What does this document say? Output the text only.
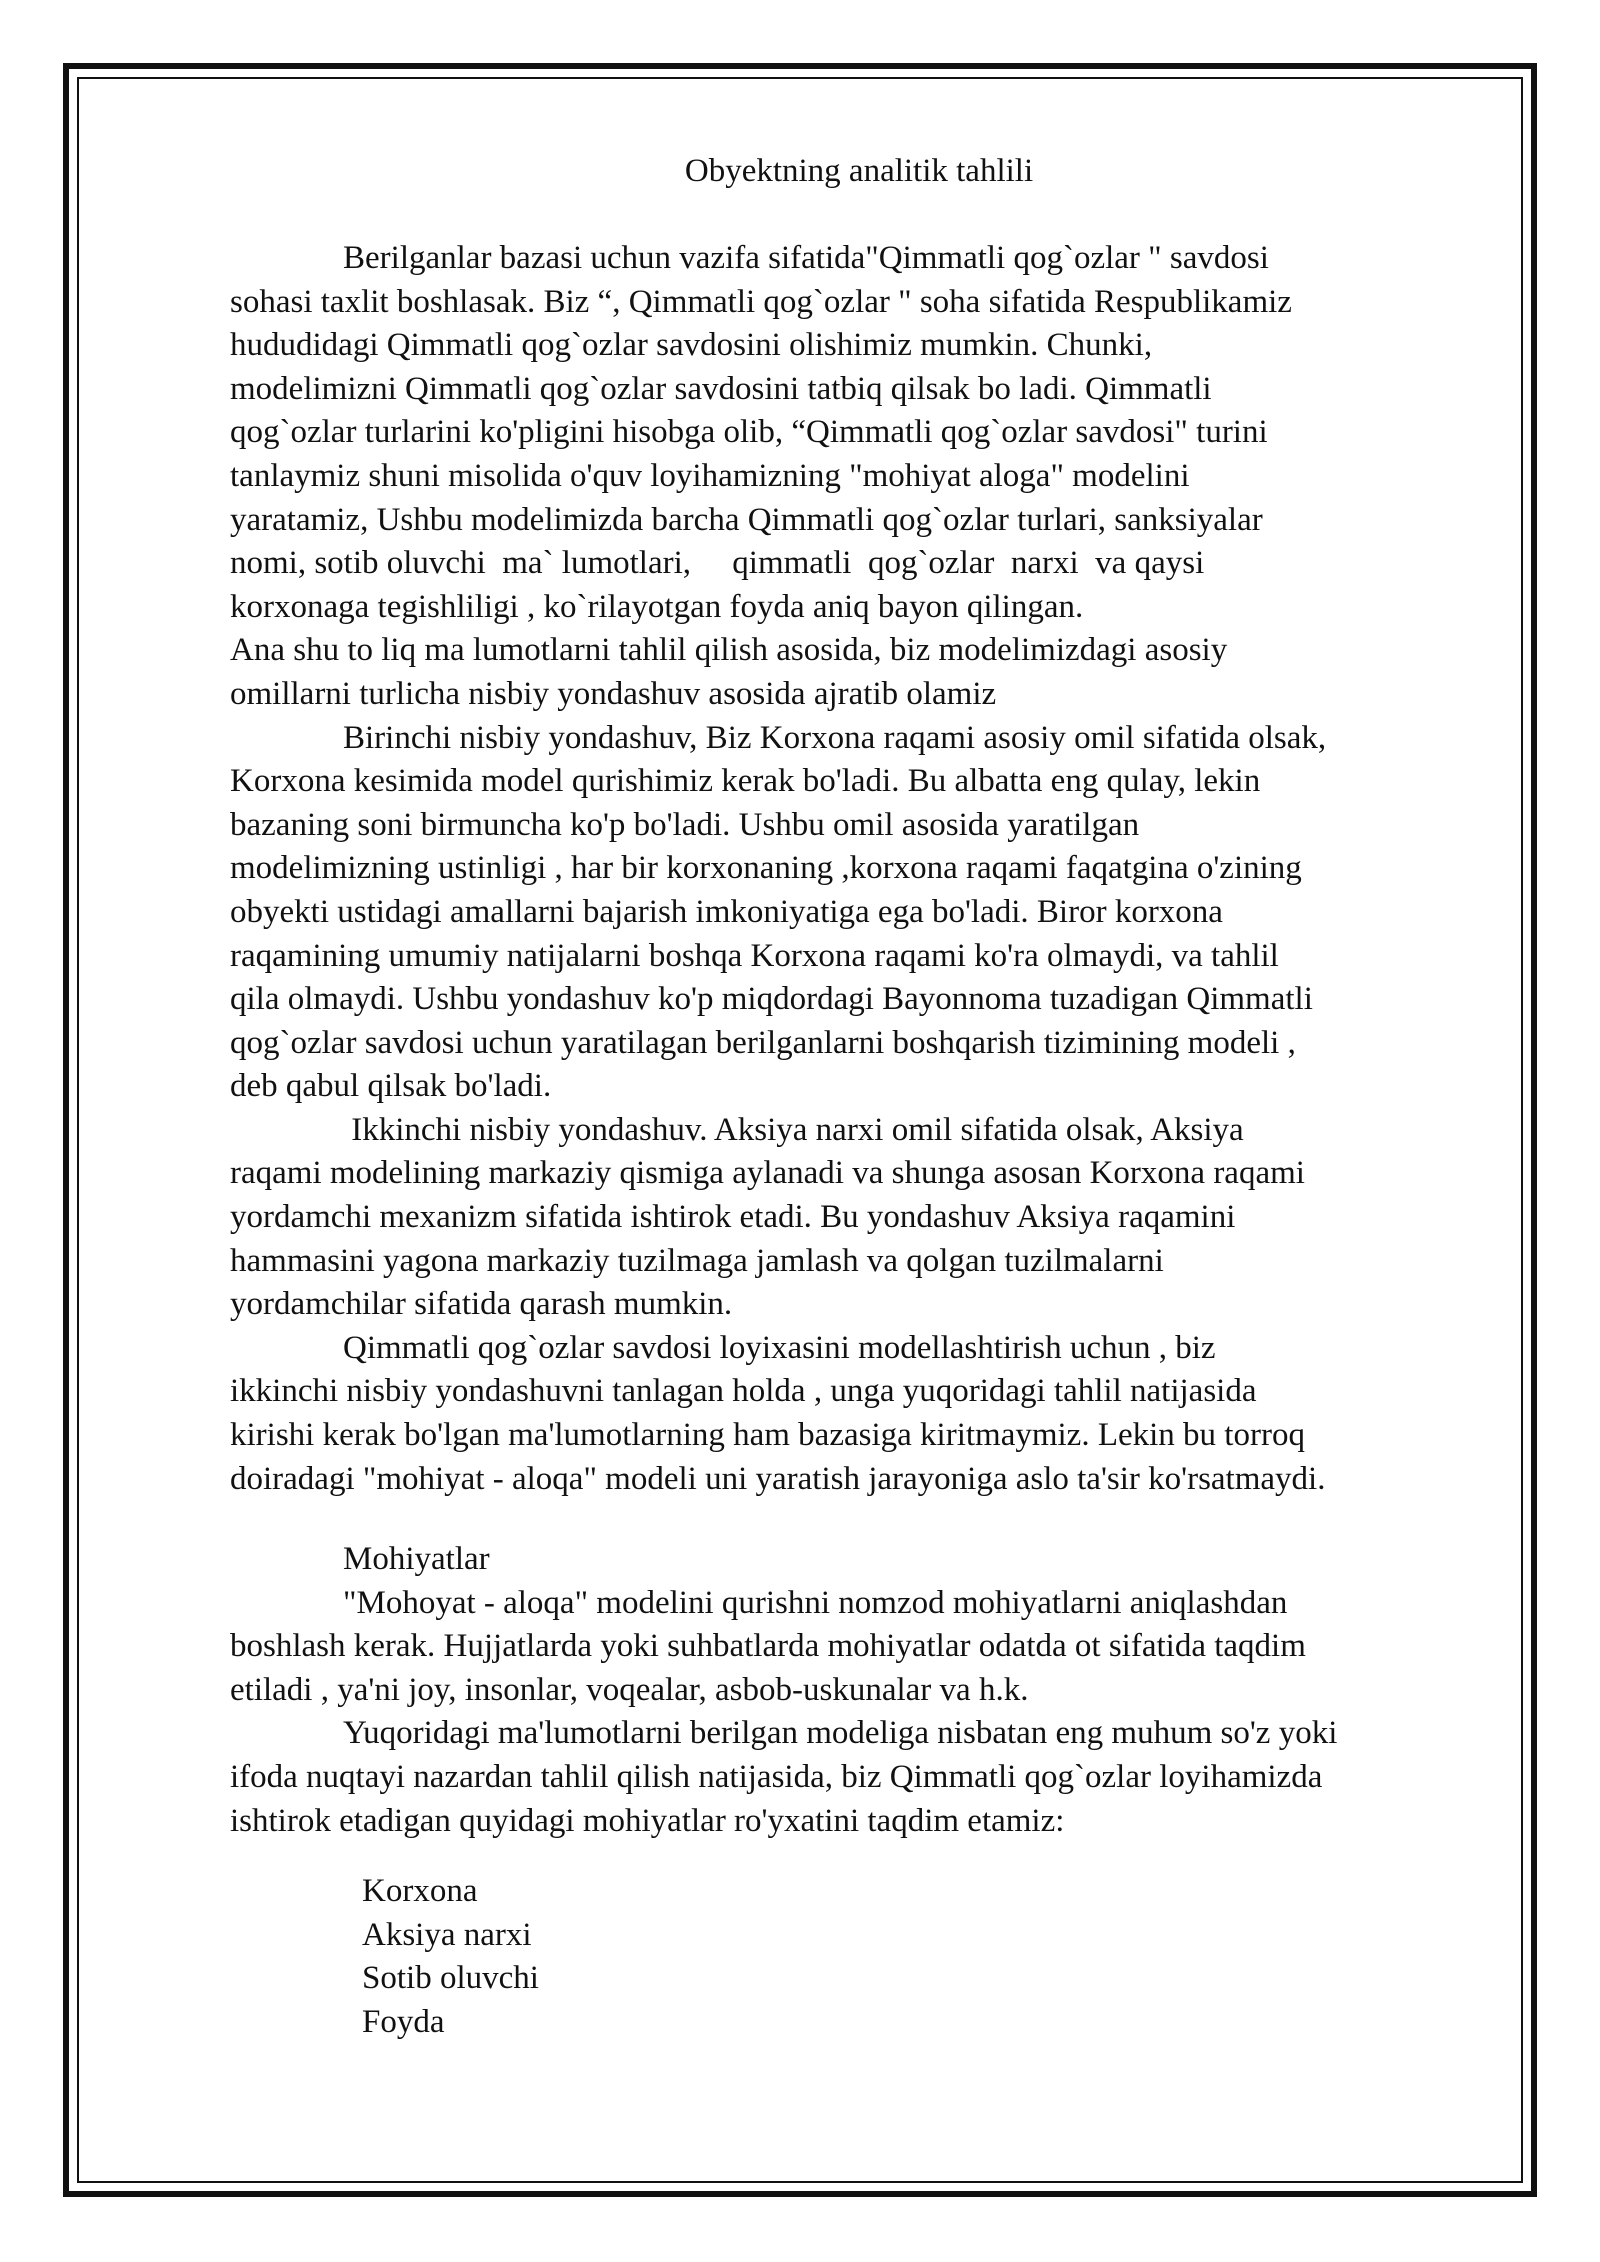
Obyektning analitik tahlili

Berilganlar bazasi uchun vazifa sifatida"Qimmatli qog`ozlar " savdosi
sohasi taxlit boshlasak. Biz “, Qimmatli qog`ozlar " soha sifatida Respublikamiz
hududidagi Qimmatli qog`ozlar savdosini olishimiz mumkin. Chunki,
modelimizni Qimmatli qog`ozlar savdosini tatbiq qilsak bo ladi. Qimmatli
qog`ozlar turlarini ko'pligini hisobga olib, “Qimmatli qog`ozlar savdosi" turini
tanlaymiz shuni misolida o'quv loyihamizning "mohiyat aloga" modelini
yaratamiz, Ushbu modelimizda barcha Qimmatli qog`ozlar turlari, sanksiyalar
nomi, sotib oluvchi  ma` lumotlari,     qimmatli  qog`ozlar  narxi  va qaysi
korxonaga tegishliligi , ko`rilayotgan foyda aniq bayon qilingan.

Ana shu to liq ma lumotlarni tahlil qilish asosida, biz modelimizdagi asosiy
omillarni turlicha nisbiy yondashuv asosida ajratib olamiz

Birinchi nisbiy yondashuv, Biz Korxona raqami asosiy omil sifatida olsak,
Korxona kesimida model qurishimiz kerak bo'ladi. Bu albatta eng qulay, lekin
bazaning soni birmuncha ko'p bo'ladi. Ushbu omil asosida yaratilgan
modelimizning ustinligi , har bir korxonaning ,korxona raqami faqatgina o'zining
obyekti ustidagi amallarni bajarish imkoniyatiga ega bo'ladi. Biror korxona
raqamining umumiy natijalarni boshqa Korxona raqami ko'ra olmaydi, va tahlil
qila olmaydi. Ushbu yondashuv ko'p miqdordagi Bayonnoma tuzadigan Qimmatli
qog`ozlar savdosi uchun yaratilagan berilganlarni boshqarish tizimining modeli ,
deb qabul qilsak bo'ladi.

Ikkinchi nisbiy yondashuv. Aksiya narxi omil sifatida olsak, Aksiya
raqami modelining markaziy qismiga aylanadi va shunga asosan Korxona raqami
yordamchi mexanizm sifatida ishtirok etadi. Bu yondashuv Aksiya raqamini
hammasini yagona markaziy tuzilmaga jamlash va qolgan tuzilmalarni
yordamchilar sifatida qarash mumkin.

Qimmatli qog`ozlar savdosi loyixasini modellashtirish uchun , biz
ikkinchi nisbiy yondashuvni tanlagan holda , unga yuqoridagi tahlil natijasida
kirishi kerak bo'lgan ma'lumotlarning ham bazasiga kiritmaymiz. Lekin bu torroq
doiradagi "mohiyat - aloqa" modeli uni yaratish jarayoniga aslo ta'sir ko'rsatmaydi.

Mohiyatlar

"Mohoyat - aloqa" modelini qurishni nomzod mohiyatlarni aniqlashdan
boshlash kerak. Hujjatlarda yoki suhbatlarda mohiyatlar odatda ot sifatida taqdim
etiladi , ya'ni joy, insonlar, voqealar, asbob-uskunalar va h.k.

Yuqoridagi ma'lumotlarni berilgan modeliga nisbatan eng muhum so'z yoki
ifoda nuqtayi nazardan tahlil qilish natijasida, biz Qimmatli qog`ozlar loyihamizda
ishtirok etadigan quyidagi mohiyatlar ro'yxatini taqdim etamiz:

Korxona
Aksiya narxi
Sotib oluvchi
Foyda
